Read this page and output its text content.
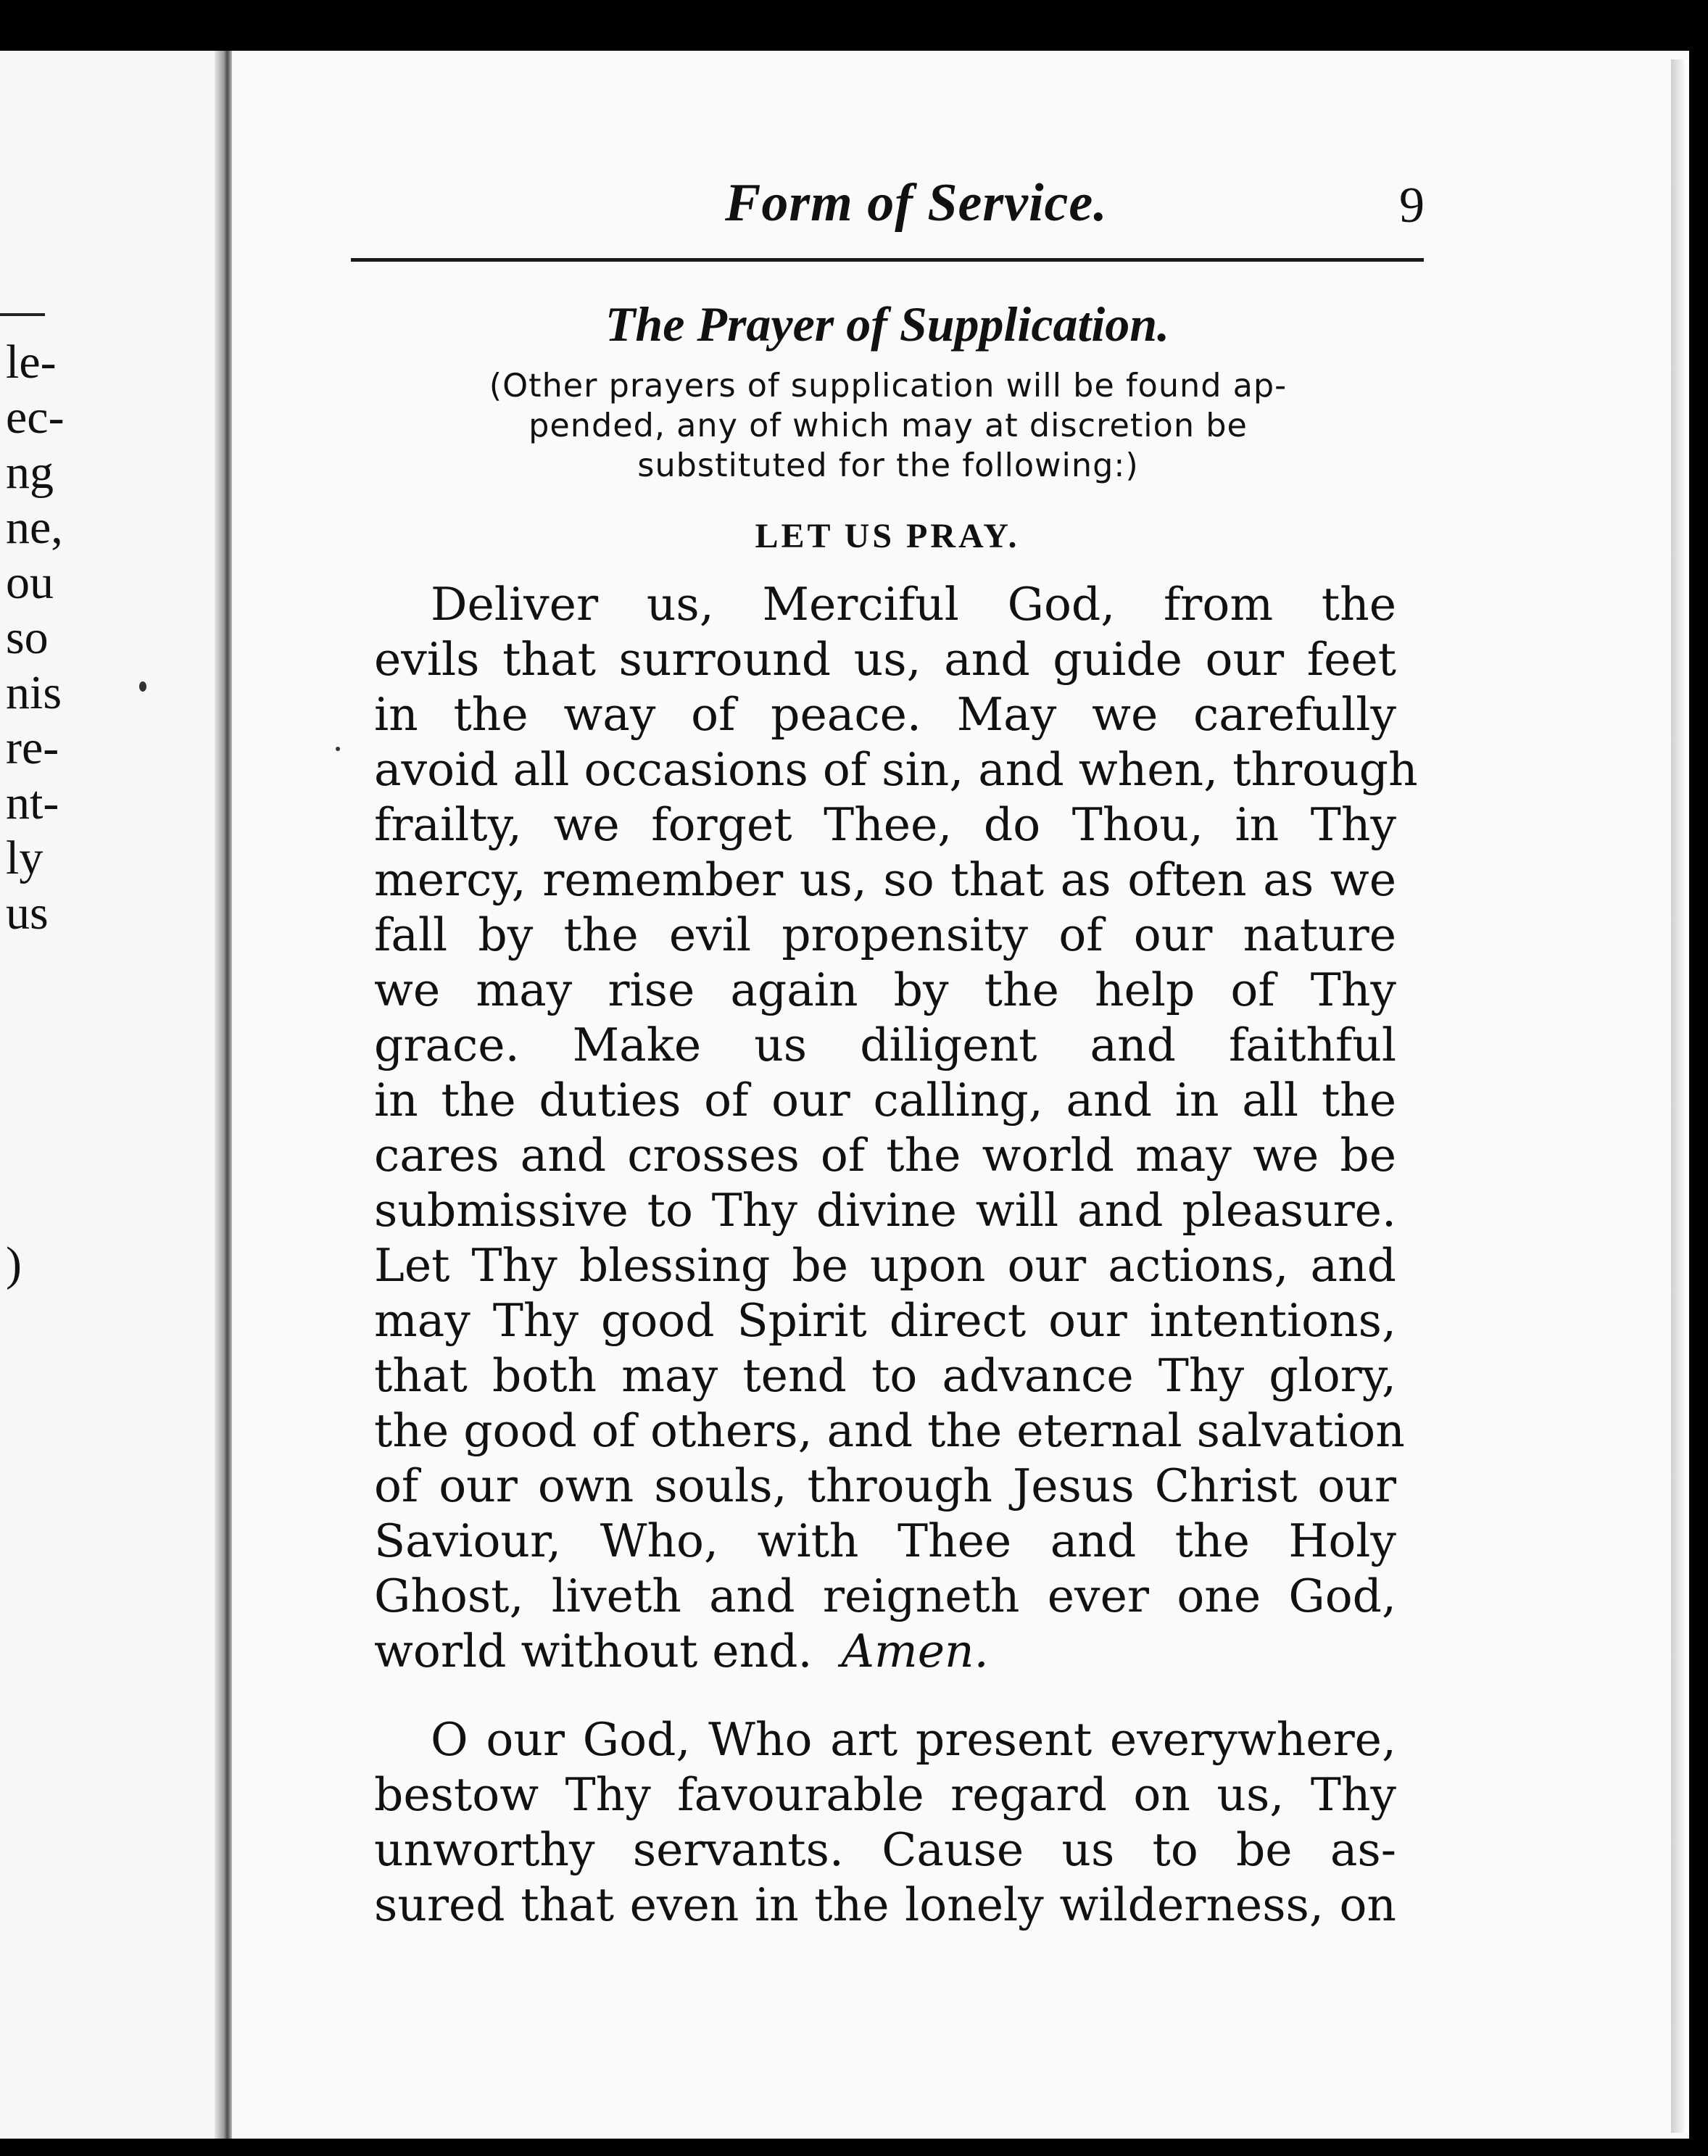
le-
ec-
ng
ne,
ou
so
nis
re-
nt-
ly
us
)
Form of Service.	9
The Prayer of Supplication.
(Other prayers of supplication will be found ap-
pended, any of which may at discretion be
substituted for the following:)
LET US PRAY.
Deliver us, Merciful God, from the
evils that surround us, and guide our feet
in the way of peace. May we carefully
avoid all occasions of sin, and when, through
frailty, we forget Thee, do Thou, in Thy
mercy, remember us, so that as often as we
fall by the evil propensity of our nature
we may rise again by the help of Thy
grace. Make us diligent and faithful
in the duties of our calling, and in all the
cares and crosses of the world may we be
submissive to Thy divine will and pleasure.
Let Thy blessing be upon our actions, and
may Thy good Spirit direct our intentions,
that both may tend to advance Thy glory,
the good of others, and the eternal salvation
of our own souls, through Jesus Christ our
Saviour, Who, with Thee and the Holy
Ghost, liveth and reigneth ever one God,
world without end. Amen.
O our God, Who art present everywhere,
bestow Thy favourable regard on us, Thy
unworthy servants. Cause us to be as-
sured that even in the lonely wilderness, on
